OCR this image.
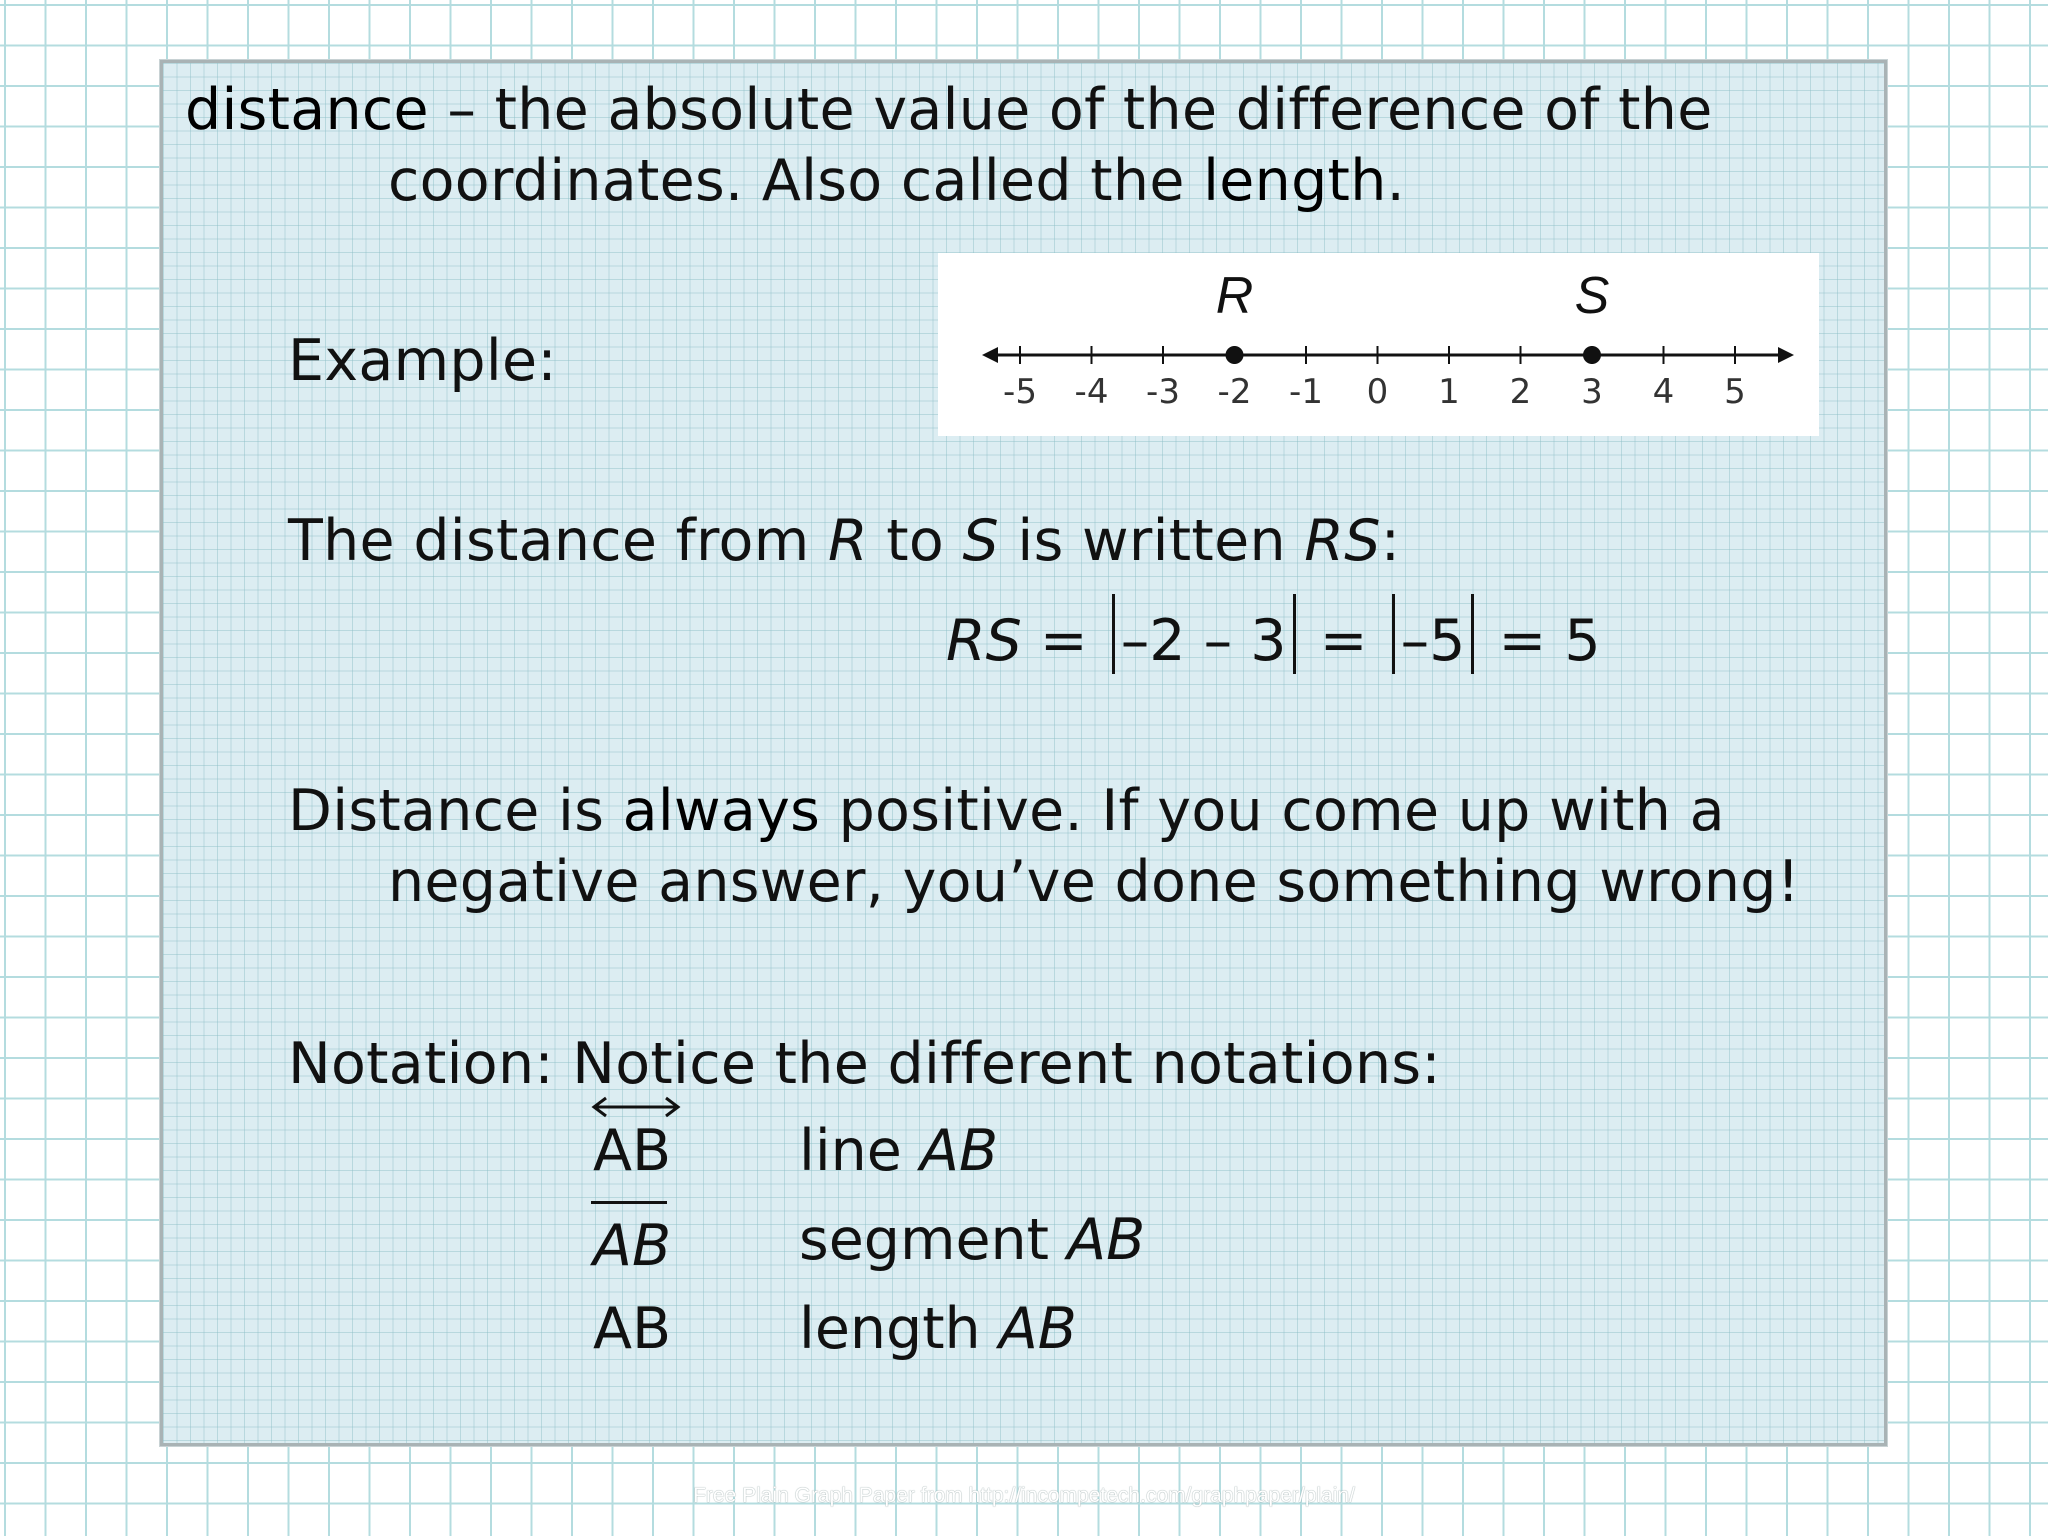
distance – the absolute value of the difference of the
coordinates. Also called the length.
Example:
The distance from R to S is written RS:
Distance is always positive. If you come up with a
negative answer, you’ve done something wrong!
Notation: Notice the different notations:
AB line AB
AB segment AB
AB length AB
-5 -4 -3 -2 -1 0 1 2 3 4 5
R	S
RS = –2 – 3 = –5 = 5
Free Plain Graph Paper from http://incompetech.com/graphpaper/plain/
